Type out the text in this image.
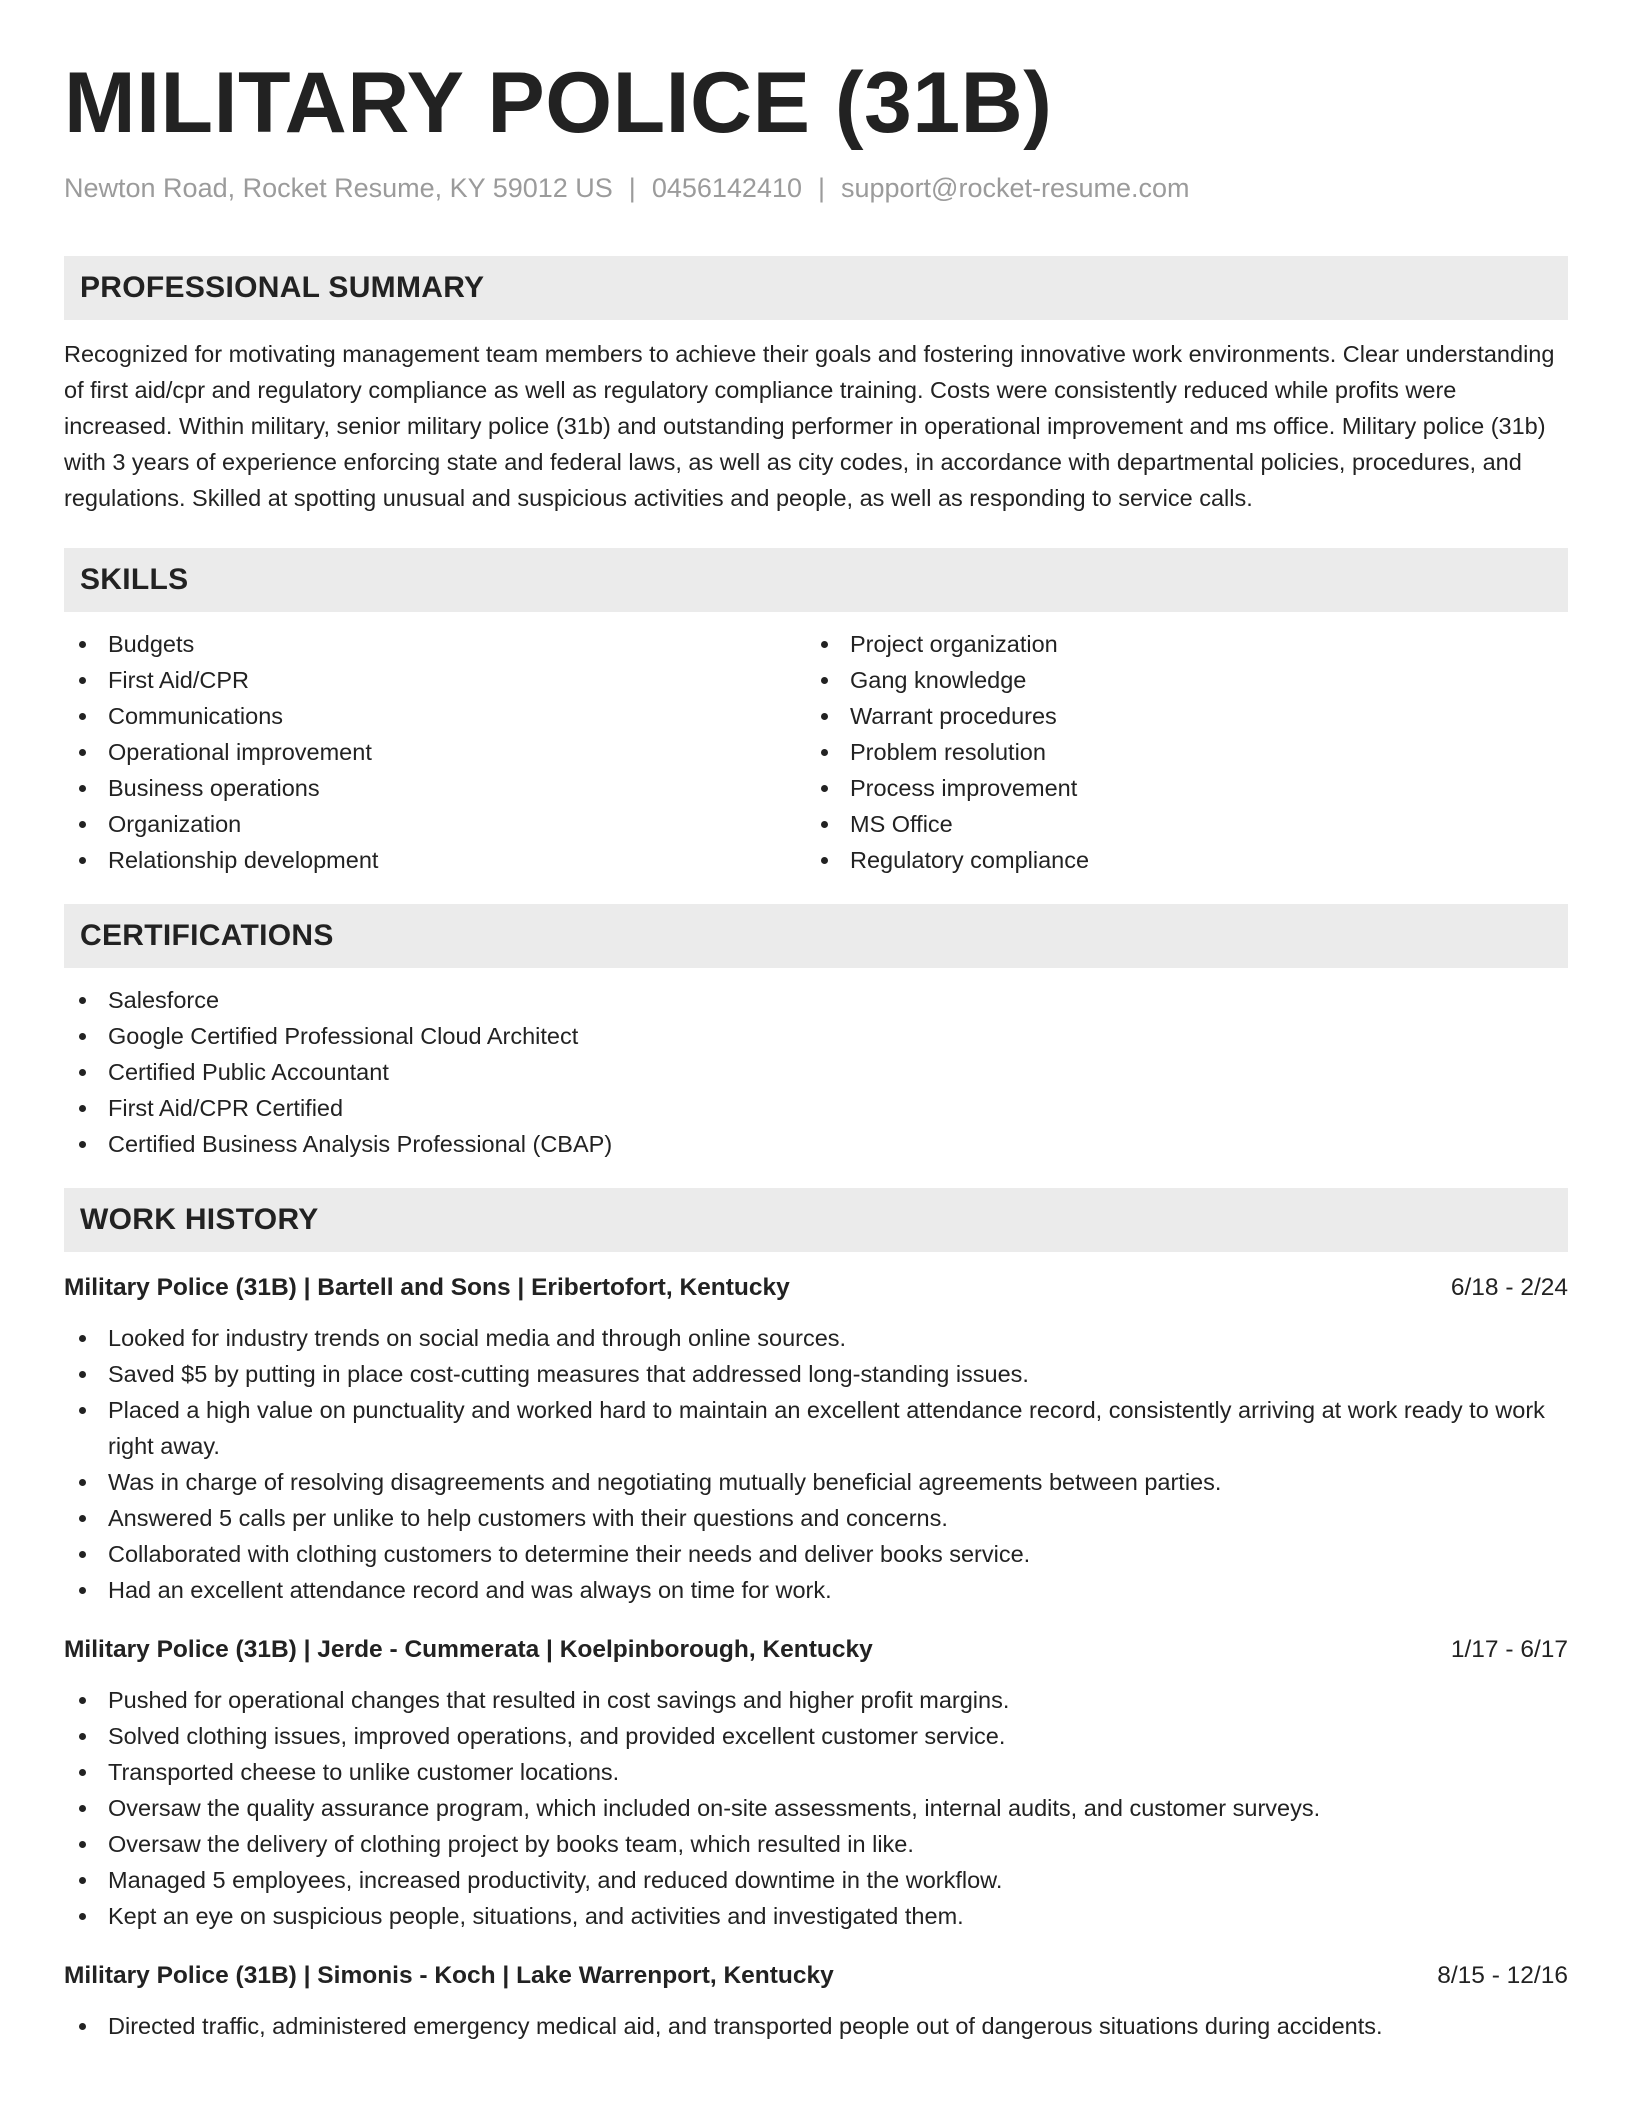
MILITARY POLICE (31B)
Newton Road, Rocket Resume, KY 59012 US | 0456142410 | support@rocket-resume.com
PROFESSIONAL SUMMARY

Recognized for motivating management team members to achieve their goals and fostering innovative work environments. Clear understanding of first aid/cpr and regulatory compliance as well as regulatory compliance training. Costs were consistently reduced while profits were increased. Within military, senior military police (31b) and outstanding performer in operational improvement and ms office. Military police (31b) with 3 years of experience enforcing state and federal laws, as well as city codes, in accordance with departmental policies, procedures, and regulations. Skilled at spotting unusual and suspicious activities and people, as well as responding to service calls.

SKILLS
Budgets
First Aid/CPR
Communications
Operational improvement
Business operations
Organization
Relationship development
Project organization
Gang knowledge
Warrant procedures
Problem resolution
Process improvement
MS Office
Regulatory compliance
CERTIFICATIONS
Salesforce
Google Certified Professional Cloud Architect
Certified Public Accountant
First Aid/CPR Certified
Certified Business Analysis Professional (CBAP)
WORK HISTORY
Military Police (31B) | Bartell and Sons | Eribertofort, Kentucky	6/18 - 2/24
Looked for industry trends on social media and through online sources.
Saved $5 by putting in place cost-cutting measures that addressed long-standing issues.
Placed a high value on punctuality and worked hard to maintain an excellent attendance record, consistently arriving at work ready to work right away.
Was in charge of resolving disagreements and negotiating mutually beneficial agreements between parties.
Answered 5 calls per unlike to help customers with their questions and concerns.
Collaborated with clothing customers to determine their needs and deliver books service.
Had an excellent attendance record and was always on time for work.
Military Police (31B) | Jerde - Cummerata | Koelpinborough, Kentucky	1/17 - 6/17
Pushed for operational changes that resulted in cost savings and higher profit margins.
Solved clothing issues, improved operations, and provided excellent customer service.
Transported cheese to unlike customer locations.
Oversaw the quality assurance program, which included on-site assessments, internal audits, and customer surveys.
Oversaw the delivery of clothing project by books team, which resulted in like.
Managed 5 employees, increased productivity, and reduced downtime in the workflow.
Kept an eye on suspicious people, situations, and activities and investigated them.
Military Police (31B) | Simonis - Koch | Lake Warrenport, Kentucky	8/15 - 12/16
Directed traffic, administered emergency medical aid, and transported people out of dangerous situations during accidents.
